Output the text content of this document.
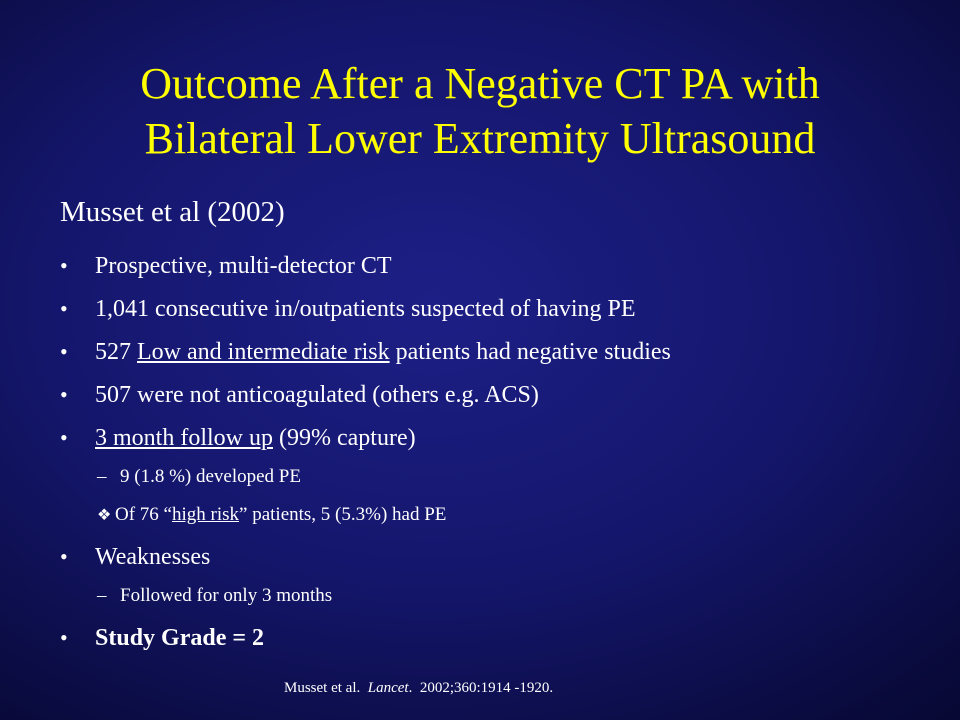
Outcome After a Negative CT PA with
Bilateral Lower Extremity Ultrasound

Musset et al (2002)

•	Prospective, multi-detector CT
•	1,041 consecutive in/outpatients suspected of having PE
•	527 Low and intermediate risk patients had negative studies
•	507 were not anticoagulated (others e.g. ACS)
•	3 month follow up (99% capture)
– 9 (1.8 %) developed PE
❖ Of 76 “high risk” patients, 5 (5.3%) had PE
•	Weaknesses
– Followed for only 3 months
•	Study Grade = 2

Musset et al. Lancet.  2002;360:1914 -1920.
